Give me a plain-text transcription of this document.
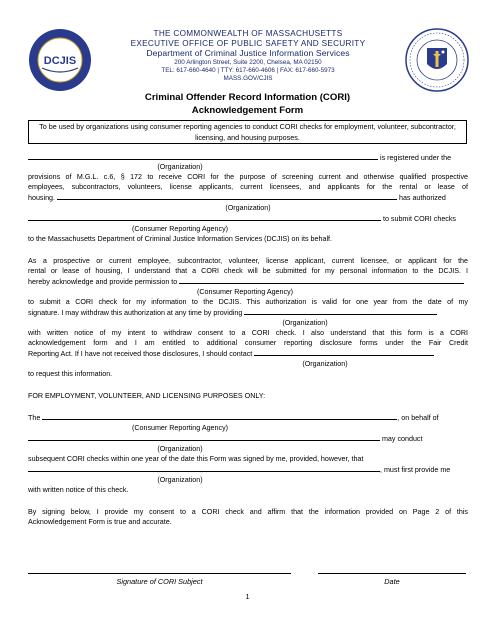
DCJIS
THE COMMONWEALTH OF MASSACHUSETTS
EXECUTIVE OFFICE OF PUBLIC SAFETY AND SECURITY
Department of Criminal Justice Information Services
200 Arlington Street, Suite 2200, Chelsea, MA 02150
TEL: 617-660-4640 | TTY: 617-660-4606 | FAX: 617-660-5973
MASS.GOV/CJIS
Criminal Offender Record Information (CORI)
Acknowledgement Form
To be used by organizations using consumer reporting agencies to conduct CORI checks for employment, volunteer, subcontractor, licensing, and housing purposes.
is registered under the
(Organization)
provisions of M.G.L. c.6, § 172 to receive CORI for the purpose of screening current and otherwise qualified prospective
employees, subcontractors, volunteers, license applicants, current licensees, and applicants for the rental or lease of
housing.	has authorized
(Organization)
to submit CORI checks
(Consumer Reporting Agency)
to the Massachusetts Department of Criminal Justice Information Services (DCJIS) on its behalf.
As a prospective or current employee, subcontractor, volunteer, license applicant, current licensee, or applicant for the
rental or lease of housing, I understand that a CORI check will be submitted for my personal information to the DCJIS. I
hereby acknowledge and provide permission to
(Consumer Reporting Agency)
to submit a CORI check for my information to the DCJIS. This authorization is valid for one year from the date of my
signature. I may withdraw this authorization at any time by providing
(Organization)
with written notice of my intent to withdraw consent to a CORI check. I also understand that this form is a CORI
acknowledgement form and I am entitled to additional consumer reporting disclosure forms under the Fair Credit
Reporting Act. If I have not received those disclosures, I should contact
(Organization)
to request this information.
FOR EMPLOYMENT, VOLUNTEER, AND LICENSING PURPOSES ONLY:
The	, on behalf of
(Consumer Reporting Agency)
may conduct
(Organization)
subsequent CORI checks within one year of the date this Form was signed by me, provided, however, that
, must first provide me
(Organization)
with written notice of this check.
By signing below, I provide my consent to a CORI check and affirm that the information provided on Page 2 of this
Acknowledgement Form is true and accurate.
Signature of CORI Subject	Date
1
